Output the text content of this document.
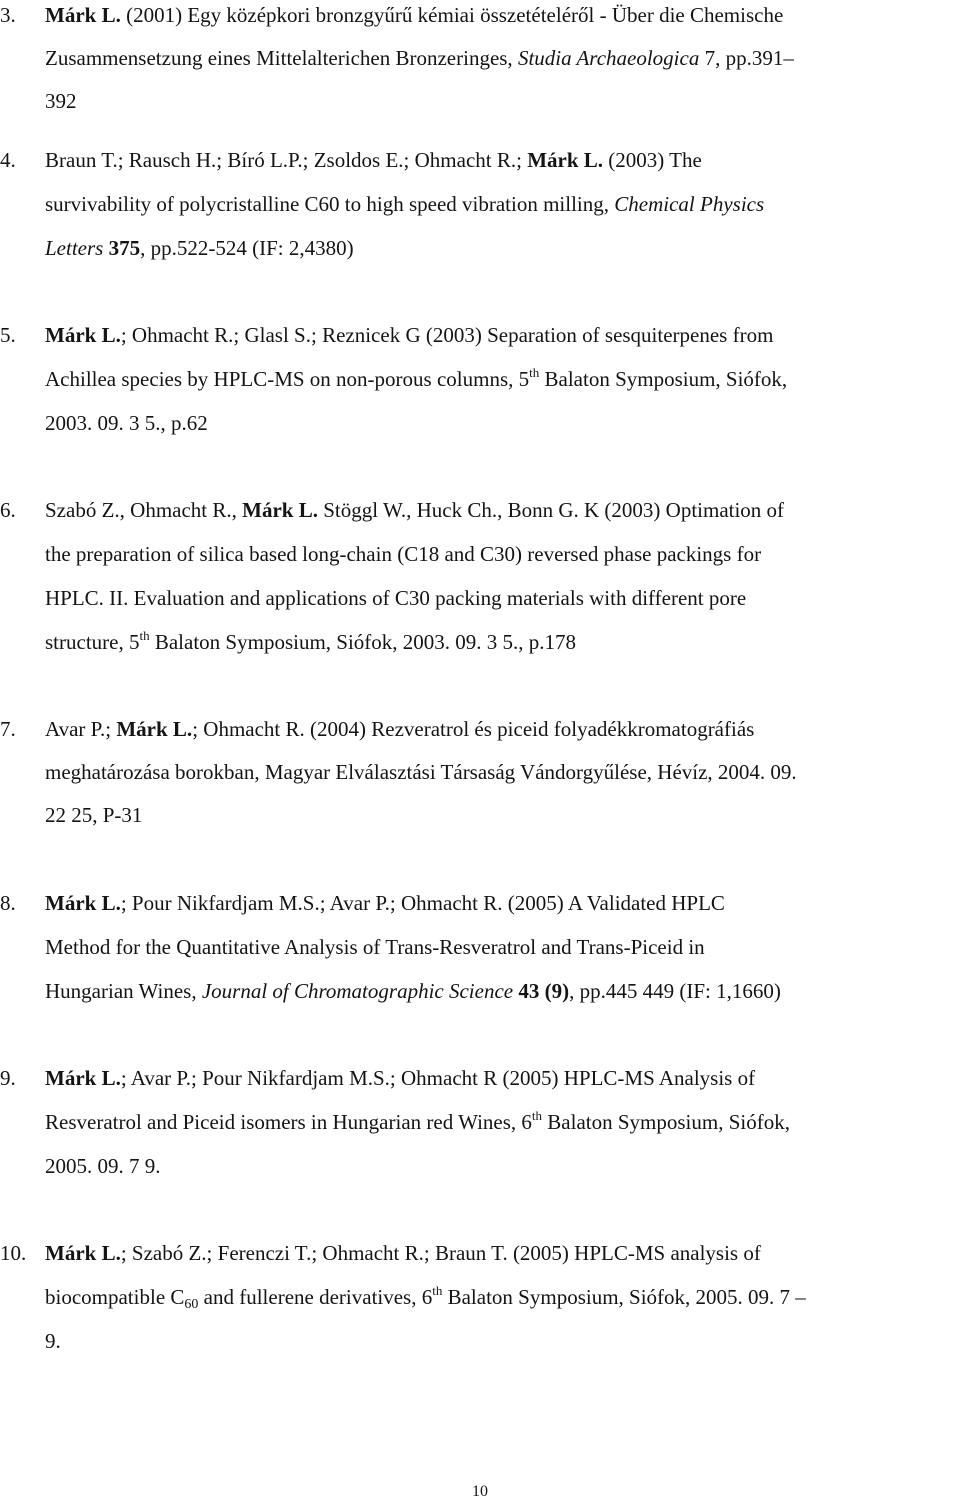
3. Márk L. (2001) Egy középkori bronzgyűrű kémiai összetételéről - Über die Chemische
Zusammensetzung eines Mittelalterichen Bronzeringes, Studia Archaeologica 7, pp.391–
392
4. Braun T.; Rausch H.; Bíró L.P.; Zsoldos E.; Ohmacht R.; Márk L. (2003) The
survivability of polycristalline C60 to high speed vibration milling, Chemical Physics
Letters 375, pp.522-524 (IF: 2,4380)
5. Márk L.; Ohmacht R.; Glasl S.; Reznicek G (2003) Separation of sesquiterpenes from
Achillea species by HPLC-MS on non-porous columns, 5th Balaton Symposium, Siófok,
2003. 09. 3 5., p.62
6. Szabó Z., Ohmacht R., Márk L. Stöggl W., Huck Ch., Bonn G. K (2003) Optimation of
the preparation of silica based long-chain (C18 and C30) reversed phase packings for
HPLC. II. Evaluation and applications of C30 packing materials with different pore
structure, 5th Balaton Symposium, Siófok, 2003. 09. 3 5., p.178
7. Avar P.; Márk L.; Ohmacht R. (2004) Rezveratrol és piceid folyadékkromatográfiás
meghatározása borokban, Magyar Elválasztási Társaság Vándorgyűlése, Hévíz, 2004. 09.
22 25, P-31
8. Márk L.; Pour Nikfardjam M.S.; Avar P.; Ohmacht R. (2005) A Validated HPLC
Method for the Quantitative Analysis of Trans-Resveratrol and Trans-Piceid in
Hungarian Wines, Journal of Chromatographic Science 43 (9), pp.445 449 (IF: 1,1660)
9. Márk L.; Avar P.; Pour Nikfardjam M.S.; Ohmacht R (2005) HPLC-MS Analysis of
Resveratrol and Piceid isomers in Hungarian red Wines, 6th Balaton Symposium, Siófok,
2005. 09. 7 9.
10. Márk L.; Szabó Z.; Ferenczi T.; Ohmacht R.; Braun T. (2005) HPLC-MS analysis of
biocompatible $C_{60}$ and fullerene derivatives, 6th Balaton Symposium, Siófok, 2005. 09. 7 –
9.
10
